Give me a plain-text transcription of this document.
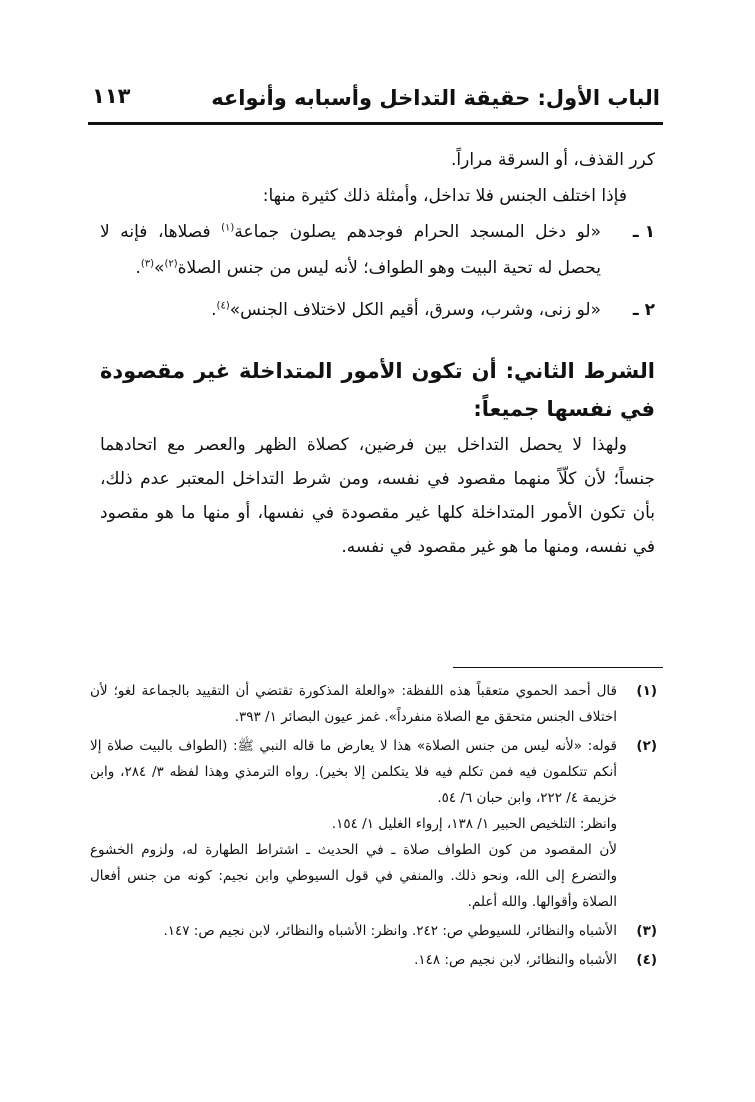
الباب الأول: حقيقة التداخل وأسبابه وأنواعه
١١٣

كرر القذف، أو السرقة مراراً.

فإذا اختلف الجنس فلا تداخل، وأمثلة ذلك كثيرة منها:

١ ـ
«لو دخل المسجد الحرام فوجدهم يصلون جماعة$^{(١)}$ فصلاها، فإنه لا يحصل له تحية البيت وهو الطواف؛ لأنه ليس من جنس الصلاة$^{(٢)}$»$^{(٣)}$.
٢ ـ
«لو زنى، وشرب، وسرق، أقيم الكل لاختلاف الجنس»$^{(٤)}$.
الشرط الثاني: أن تكون الأمور المتداخلة غير مقصودة في نفسها جميعاً:

ولهذا لا يحصل التداخل بين فرضين، كصلاة الظهر والعصر مع اتحادهما جنساً؛ لأن كلّاً منهما مقصود في نفسه، ومن شرط التداخل المعتبر عدم ذلك، بأن تكون الأمور المتداخلة كلها غير مقصودة في نفسها، أو منها ما هو مقصود في نفسه، ومنها ما هو غير مقصود في نفسه.

(١)

قال أحمد الحموي متعقباً هذه اللفظة: «والعلة المذكورة تقتضي أن التقييد بالجماعة لغو؛ لأن اختلاف الجنس متحقق مع الصلاة منفرداً». غمز عيون البصائر ١/ ٣٩٣.

(٢)

قوله: «لأنه ليس من جنس الصلاة» هذا لا يعارض ما قاله النبي ﷺ: (الطواف بالبيت صلاة إلا أنكم تتكلمون فيه فمن تكلم فيه فلا يتكلمن إلا بخير). رواه الترمذي وهذا لفظه ٣/ ٢٨٤، وابن خزيمة ٤/ ٢٢٢، وابن حبان ٦/ ٥٤.

وانظر: التلخيص الحبير ١/ ١٣٨، إرواء الغليل ١/ ١٥٤.

لأن المقصود من كون الطواف صلاة ـ في الحديث ـ اشتراط الطهارة له، ولزوم الخشوع والتضرع إلى الله، ونحو ذلك. والمنفي في قول السيوطي وابن نجيم: كونه من جنس أفعال الصلاة وأقوالها. والله أعلم.

(٣)

الأشباه والنظائر، للسيوطي ص: ٢٤٢. وانظر: الأشباه والنظائر، لابن نجيم ص: ١٤٧.

(٤)

الأشباه والنظائر، لابن نجيم ص: ١٤٨.
